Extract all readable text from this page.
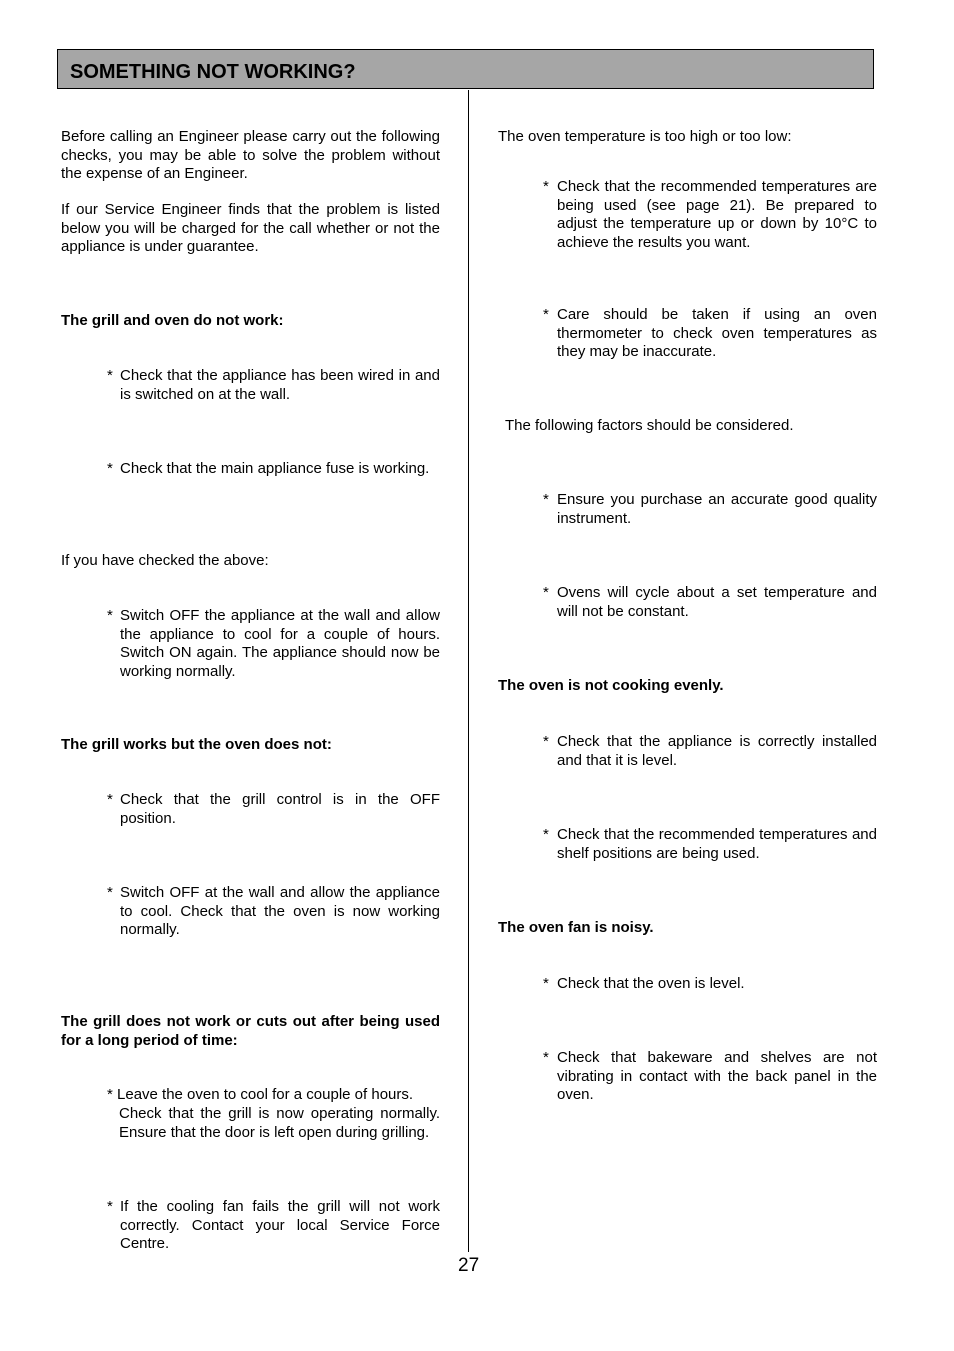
SOMETHING NOT WORKING?

Before calling an Engineer please carry out the following checks, you may be able to solve the problem without the expense of an Engineer.

If our Service Engineer finds that the problem is listed below you will be charged for the call whether or not the appliance is under guarantee.

The grill and oven do not work:

* Check that the appliance has been wired in and is switched on at the wall.

* Check that the main appliance fuse is working.

If you have checked the above:

* Switch OFF the appliance at the wall and allow the appliance to cool for a couple of hours. Switch ON again. The appliance should now be working normally.

The grill works but the oven does not:

* Check that the grill control is in the OFF position.

* Switch OFF at the wall and allow the appliance to cool. Check that the oven is now working normally.

The grill does not work or cuts out after being used for a long period of time:

* Leave the oven to cool for a couple of hours.

Check that the grill is now operating normally. Ensure that the door is left open during grilling.

* If the cooling fan fails the grill will not work correctly. Contact your local Service Force Centre.

The oven temperature is too high or too low:

* Check that the recommended temperatures are being used (see page 21). Be prepared to adjust the temperature up or down by 10°C to achieve the results you want.

* Care should be taken if using an oven thermometer to check oven temperatures as they may be inaccurate.

The following factors should be considered.

* Ensure you purchase an accurate good quality instrument.

* Ovens will cycle about a set temperature and will not be constant.

The oven is not cooking evenly.

* Check that the appliance is correctly installed and that it is level.

* Check that the recommended temperatures and shelf positions are being used.

The oven fan is noisy.

* Check that the oven is level.

* Check that bakeware and shelves are not vibrating in contact with the back panel in the oven.

27
